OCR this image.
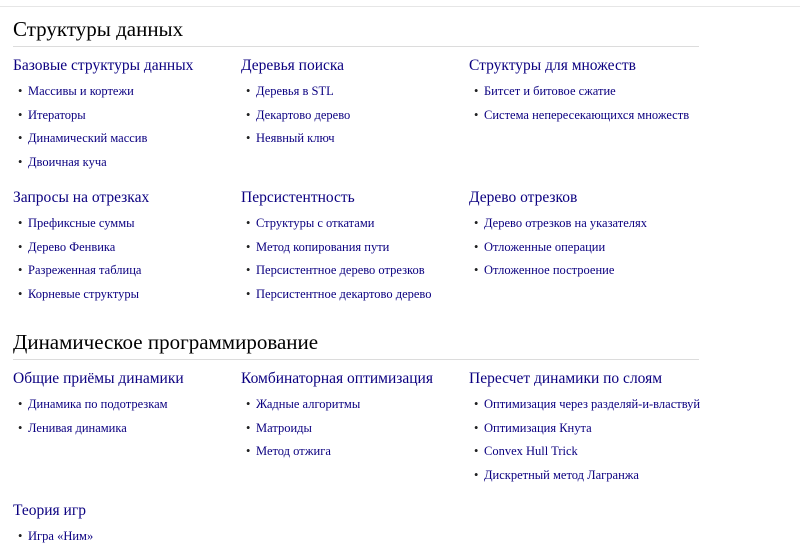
Структуры данных
Базовые структуры данных
• Массивы и кортежи
• Итераторы
• Динамический массив
• Двоичная куча
Деревья поиска
• Деревья в STL
• Декартово дерево
• Неявный ключ
Структуры для множеств
• Битсет и битовое сжатие
• Система непересекающихся множеств
Запросы на отрезках
• Префиксные суммы
• Дерево Фенвика
• Разреженная таблица
• Корневые структуры
Персистентность
• Структуры с откатами
• Метод копирования пути
• Персистентное дерево отрезков
• Персистентное декартово дерево
Дерево отрезков
• Дерево отрезков на указателях
• Отложенные операции
• Отложенное построение
Динамическое программирование
Общие приёмы динамики
• Динамика по подотрезкам
• Ленивая динамика
Комбинаторная оптимизация
• Жадные алгоритмы
• Матроиды
• Метод отжига
Пересчет динамики по слоям
• Оптимизация через разделяй-и-властвуй
• Оптимизация Кнута
• Convex Hull Trick
• Дискретный метод Лагранжа
Теория игр
• Игра «Ним»
